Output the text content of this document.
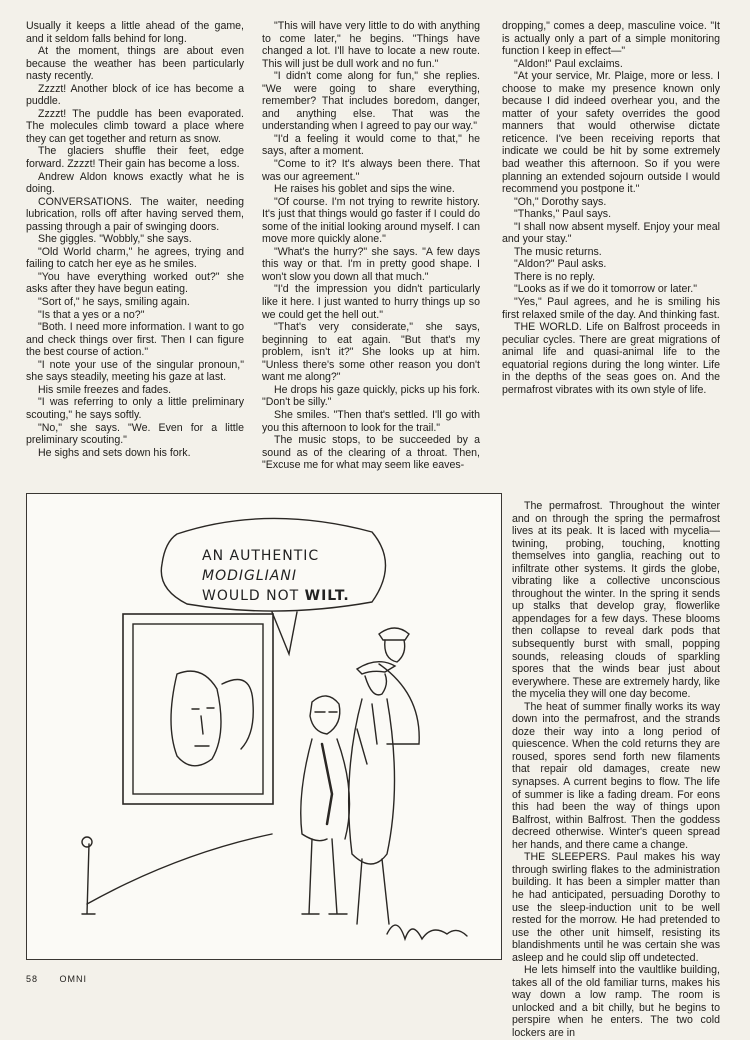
Usually it keeps a little ahead of the game, and it seldom falls behind for long.

At the moment, things are about even because the weather has been particularly nasty recently.

Zzzzt! Another block of ice has become a puddle.

Zzzzt! The puddle has been evaporated. The molecules climb toward a place where they can get together and return as snow.

The glaciers shuffle their feet, edge forward. Zzzzt! Their gain has become a loss.

Andrew Aldon knows exactly what he is doing.

CONVERSATIONS. The waiter, needing lubrication, rolls off after having served them, passing through a pair of swinging doors.

She giggles. "Wobbly," she says.

"Old World charm," he agrees, trying and failing to catch her eye as he smiles.

"You have everything worked out?" she asks after they have begun eating.

"Sort of," he says, smiling again.

"Is that a yes or a no?"

"Both. I need more information. I want to go and check things over first. Then I can figure the best course of action."

"I note your use of the singular pronoun," she says steadily, meeting his gaze at last.

His smile freezes and fades.

"I was referring to only a little preliminary scouting," he says softly.

"No," she says. "We. Even for a little preliminary scouting."

He sighs and sets down his fork.

"This will have very little to do with anything to come later," he begins. "Things have changed a lot. I'll have to locate a new route. This will just be dull work and no fun."

"I didn't come along for fun," she replies. "We were going to share everything, remember? That includes boredom, danger, and anything else. That was the understanding when I agreed to pay our way."

"I'd a feeling it would come to that," he says, after a moment.

"Come to it? It's always been there. That was our agreement."

He raises his goblet and sips the wine.

"Of course. I'm not trying to rewrite history. It's just that things would go faster if I could do some of the initial looking around myself. I can move more quickly alone."

"What's the hurry?" she says. "A few days this way or that. I'm in pretty good shape. I won't slow you down all that much."

"I'd the impression you didn't particularly like it here. I just wanted to hurry things up so we could get the hell out."

"That's very considerate," she says, beginning to eat again. "But that's my problem, isn't it?" She looks up at him. "Unless there's some other reason you don't want me along?"

He drops his gaze quickly, picks up his fork. "Don't be silly."

She smiles. "Then that's settled. I'll go with you this afternoon to look for the trail."

The music stops, to be succeeded by a sound as of the clearing of a throat. Then, "Excuse me for what may seem like eaves-

dropping," comes a deep, masculine voice. "It is actually only a part of a simple monitoring function I keep in effect—"

"Aldon!" Paul exclaims.

"At your service, Mr. Plaige, more or less. I choose to make my presence known only because I did indeed overhear you, and the matter of your safety overrides the good manners that would otherwise dictate reticence. I've been receiving reports that indicate we could be hit by some extremely bad weather this afternoon. So if you were planning an extended sojourn outside I would recommend you postpone it."

"Oh," Dorothy says.

"Thanks," Paul says.

"I shall now absent myself. Enjoy your meal and your stay."

The music returns.

"Aldon?" Paul asks.

There is no reply.

"Looks as if we do it tomorrow or later."

"Yes," Paul agrees, and he is smiling his first relaxed smile of the day. And thinking fast.

THE WORLD. Life on Balfrost proceeds in peculiar cycles. There are great migrations of animal life and quasi-animal life to the equatorial regions during the long winter. Life in the depths of the seas goes on. And the permafrost vibrates with its own style of life.

The permafrost. Throughout the winter and on through the spring the permafrost lives at its peak. It is laced with mycelia—twining, probing, touching, knotting themselves into ganglia, reaching out to infiltrate other systems. It girds the globe, vibrating like a collective unconscious throughout the winter. In the spring it sends up stalks that develop gray, flowerlike appendages for a few days. These blooms then collapse to reveal dark pods that subsequently burst with small, popping sounds, releasing clouds of sparkling spores that the winds bear just about everywhere. These are extremely hardy, like the mycelia they will one day become.

The heat of summer finally works its way down into the permafrost, and the strands doze their way into a long period of quiescence. When the cold returns they are roused, spores send forth new filaments that repair old damages, create new synapses. A current begins to flow. The life of summer is like a fading dream. For eons this had been the way of things upon Balfrost, within Balfrost. Then the goddess decreed otherwise. Winter's queen spread her hands, and there came a change.

THE SLEEPERS. Paul makes his way through swirling flakes to the administration building. It has been a simpler matter than he had anticipated, persuading Dorothy to use the sleep-induction unit to be well rested for the morrow. He had pretended to use the other unit himself, resisting its blandishments until he was certain she was asleep and he could slip off undetected.

He lets himself into the vaultlike building, takes all of the old familiar turns, makes his way down a low ramp. The room is unlocked and a bit chilly, but he begins to perspire when he enters. The two cold lockers are in

AN AUTHENTIC MODIGLIANI
WOULD NOT WILT.
58 OMNI
